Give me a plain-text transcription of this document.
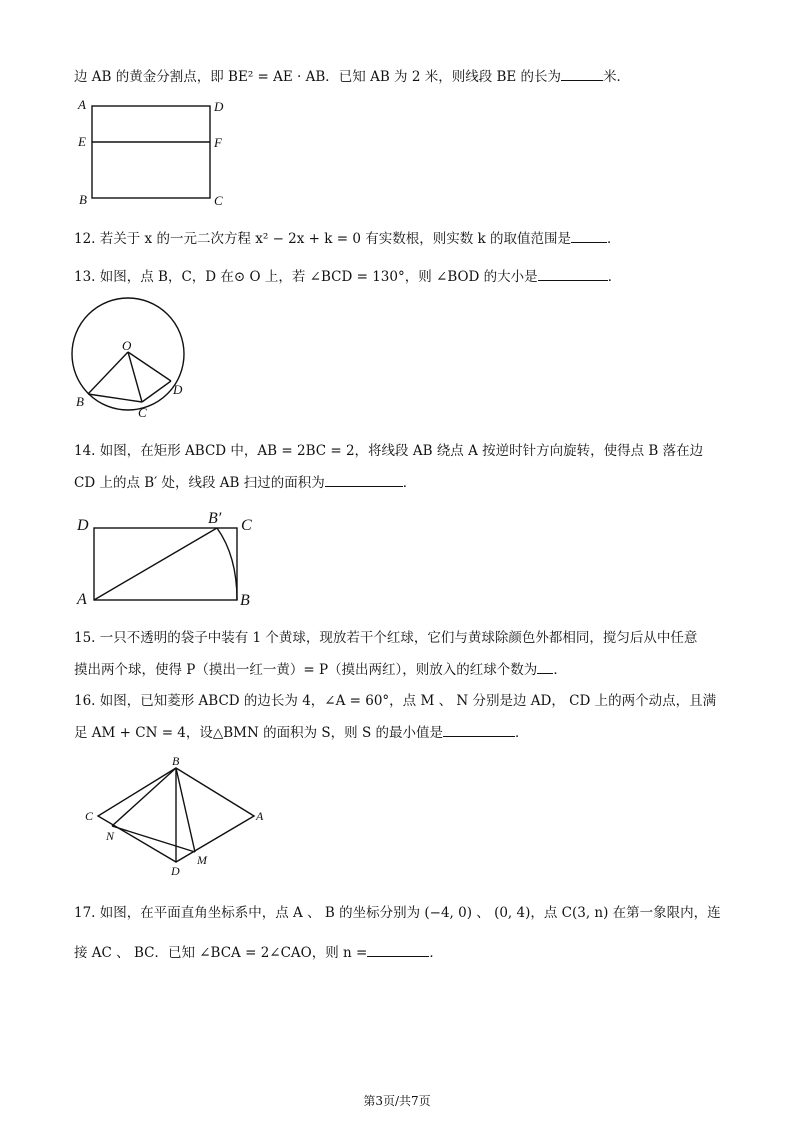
边 AB 的黄金分割点，即 BE² = AE · AB．已知 AB 为 2 米，则线段 BE 的长为	米．
A	D
E	F
B	C
12. 若关于 x 的一元二次方程 x² − 2x + k = 0 有实数根，则实数 k 的取值范围是	．
13. 如图，点 B，C，D 在⊙ O 上，若 ∠BCD = 130°，则 ∠BOD 的大小是	．
O
B
C
D
14. 如图，在矩形 ABCD 中，AB = 2BC = 2，将线段 AB 绕点 A 按逆时针方向旋转，使得点 B 落在边
CD 上的点 B′ 处，线段 AB 扫过的面积为	．
D	B′ C
A	B
15. 一只不透明的袋子中装有 1 个黄球，现放若干个红球，它们与黄球除颜色外都相同，搅匀后从中任意
摸出两个球，使得 P（摸出一红一黄）= P（摸出两红），则放入的红球个数为 ．
16. 如图，已知菱形 ABCD 的边长为 4，∠A = 60°，点 M 、 N 分别是边 AD， CD 上的两个动点，且满
足 AM + CN = 4，设△BMN 的面积为 S，则 S 的最小值是	．
B
C
N
A
M
D
17. 如图，在平面直角坐标系中，点 A 、 B 的坐标分别为 (−4, 0) 、 (0, 4)，点 C(3, n) 在第一象限内，连
接 AC 、 BC．已知 ∠BCA = 2∠CAO，则 n =	．
第3页/共7页
